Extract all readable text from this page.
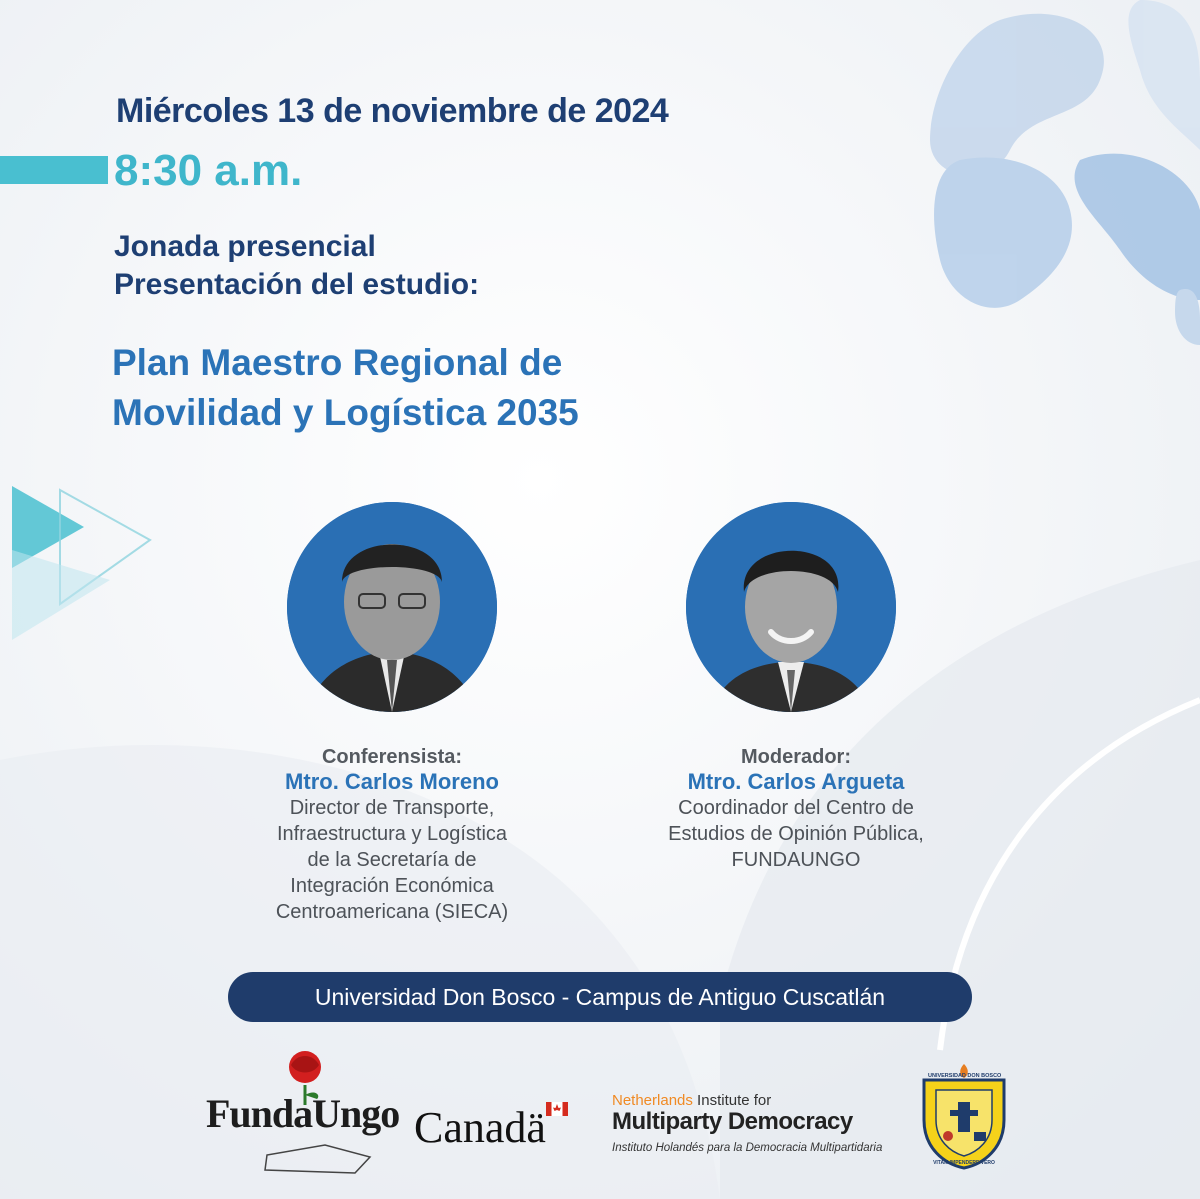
Miércoles 13 de noviembre de 2024
8:30 a.m.
Jonada presencial
Presentación del estudio:
Plan Maestro Regional de
Movilidad y Logística 2035
Conferensista:
Mtro. Carlos Moreno
Director de Transporte,
Infraestructura y Logística
de la Secretaría de
Integración Económica
Centroamericana (SIECA)
Moderador:
Mtro. Carlos Argueta
Coordinador del Centro de
Estudios de Opinión Pública,
FUNDAUNGO
Universidad Don Bosco - Campus de Antiguo Cuscatlán
FundaUngo Canadä
Netherlands Institute for
Multiparty Democracy
Instituto Holandés para la Democracia Multipartidaria
UNIVERSIDAD DON BOSCO
VITAM IMPENDERE VERO
